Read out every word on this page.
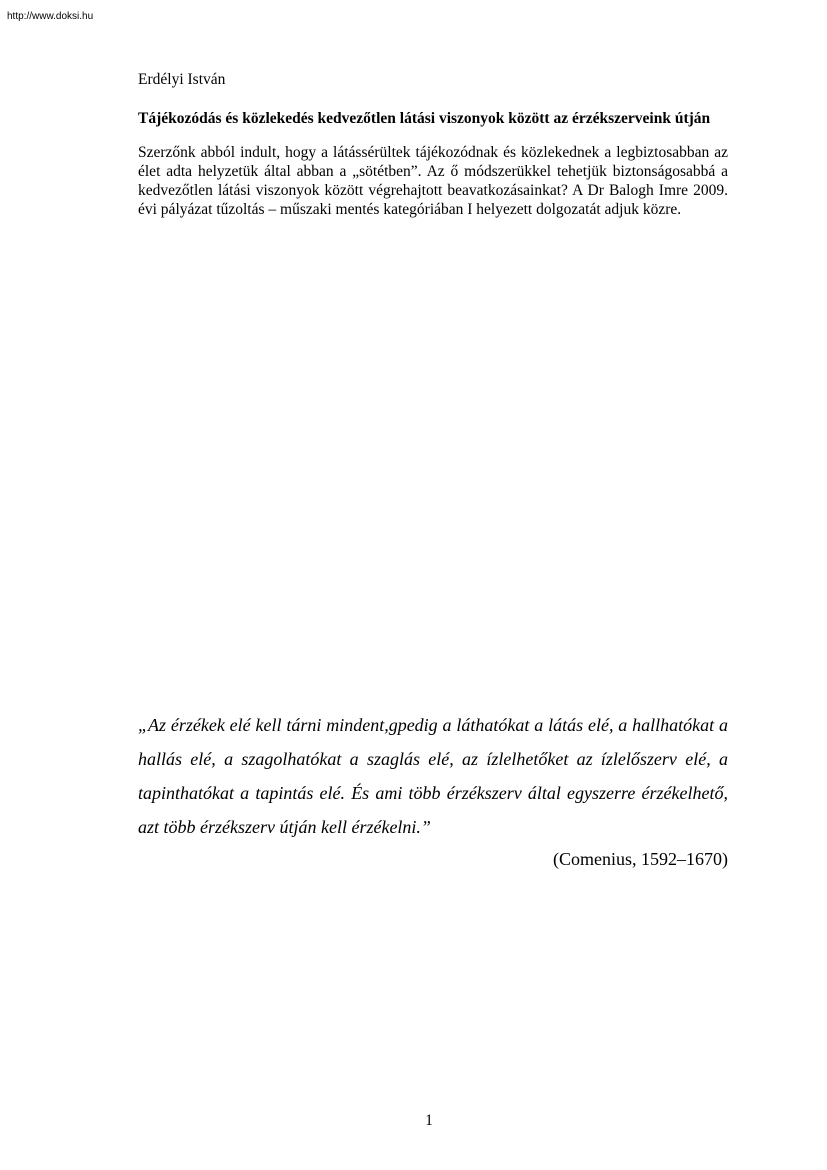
http://www.doksi.hu

Erdélyi István

Tájékozódás és közlekedés kedvezőtlen látási viszonyok között az érzékszerveink útján

Szerzőnk abból indult, hogy a látássérültek tájékozódnak és közlekednek a legbiztosabban az élet adta helyzetük által abban a „sötétben”. Az ő módszerükkel tehetjük biztonságosabbá a kedvezőtlen látási viszonyok között végrehajtott beavatkozásainkat? A Dr Balogh Imre 2009. évi pályázat tűzoltás – műszaki mentés kategóriában I helyezett dolgozatát adjuk közre.

„Az érzékek elé kell tárni mindent,gpedig a láthatókat a látás elé, a hallhatókat a hallás elé, a szagolhatókat a szaglás elé, az ízlelhetőket az ízlelőszerv elé, a tapinthatókat a tapintás elé. És ami több érzékszerv által egyszerre érzékelhető, azt több érzékszerv útján kell érzékelni.”

(Comenius, 1592–1670)

1
